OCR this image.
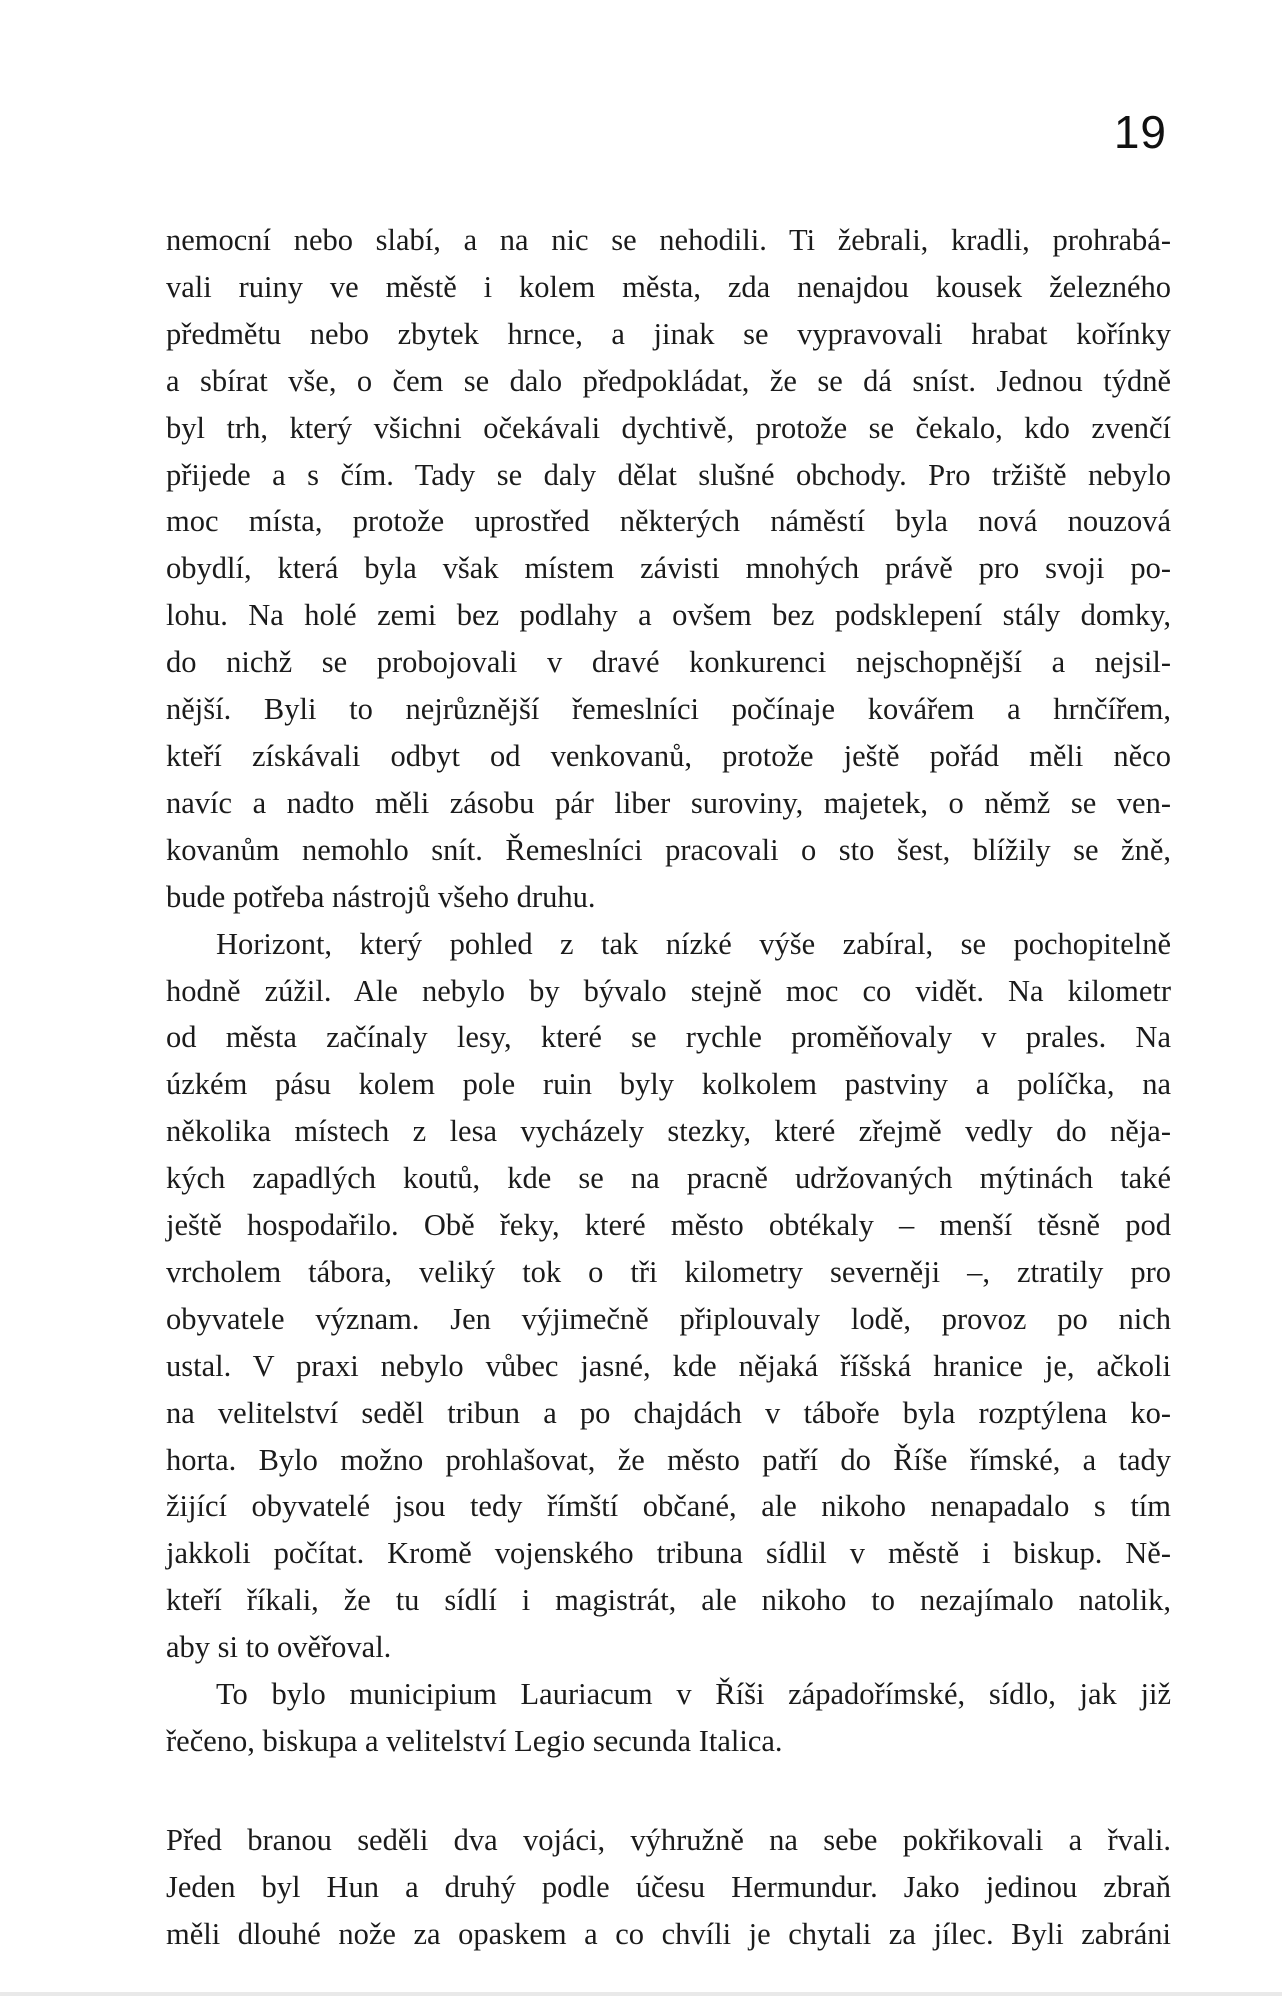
19
nemocní nebo slabí, a na nic se nehodili. Ti žebrali, kradli, prohrabá-
vali ruiny ve městě i kolem města, zda nenajdou kousek železného
předmětu nebo zbytek hrnce, a jinak se vypravovali hrabat kořínky
a sbírat vše, o čem se dalo předpokládat, že se dá sníst. Jednou týdně
byl trh, který všichni očekávali dychtivě, protože se čekalo, kdo zvenčí
přijede a s čím. Tady se daly dělat slušné obchody. Pro tržiště nebylo
moc místa, protože uprostřed některých náměstí byla nová nouzová
obydlí, která byla však místem závisti mnohých právě pro svoji po-
lohu. Na holé zemi bez podlahy a ovšem bez podsklepení stály domky,
do nichž se probojovali v dravé konkurenci nejschopnější a nejsil-
nější. Byli to nejrůznější řemeslníci počínaje kovářem a hrnčířem,
kteří získávali odbyt od venkovanů, protože ještě pořád měli něco
navíc a nadto měli zásobu pár liber suroviny, majetek, o němž se ven-
kovanům nemohlo snít. Řemeslníci pracovali o sto šest, blížily se žně,
bude potřeba nástrojů všeho druhu.
Horizont, který pohled z tak nízké výše zabíral, se pochopitelně
hodně zúžil. Ale nebylo by bývalo stejně moc co vidět. Na kilometr
od města začínaly lesy, které se rychle proměňovaly v prales. Na
úzkém pásu kolem pole ruin byly kolkolem pastviny a políčka, na
několika místech z lesa vycházely stezky, které zřejmě vedly do něja-
kých zapadlých koutů, kde se na pracně udržovaných mýtinách také
ještě hospodařilo. Obě řeky, které město obtékaly – menší těsně pod
vrcholem tábora, veliký tok o tři kilometry severněji –, ztratily pro
obyvatele význam. Jen výjimečně připlouvaly lodě, provoz po nich
ustal. V praxi nebylo vůbec jasné, kde nějaká říšská hranice je, ačkoli
na velitelství seděl tribun a po chajdách v táboře byla rozptýlena ko-
horta. Bylo možno prohlašovat, že město patří do Říše římské, a tady
žijící obyvatelé jsou tedy římští občané, ale nikoho nenapadalo s tím
jakkoli počítat. Kromě vojenského tribuna sídlil v městě i biskup. Ně-
kteří říkali, že tu sídlí i magistrát, ale nikoho to nezajímalo natolik,
aby si to ověřoval.
To bylo municipium Lauriacum v Říši západořímské, sídlo, jak již
řečeno, biskupa a velitelství Legio secunda Italica.
Před branou seděli dva vojáci, výhružně na sebe pokřikovali a řvali.
Jeden byl Hun a druhý podle účesu Hermundur. Jako jedinou zbraň
měli dlouhé nože za opaskem a co chvíli je chytali za jílec. Byli zabráni
